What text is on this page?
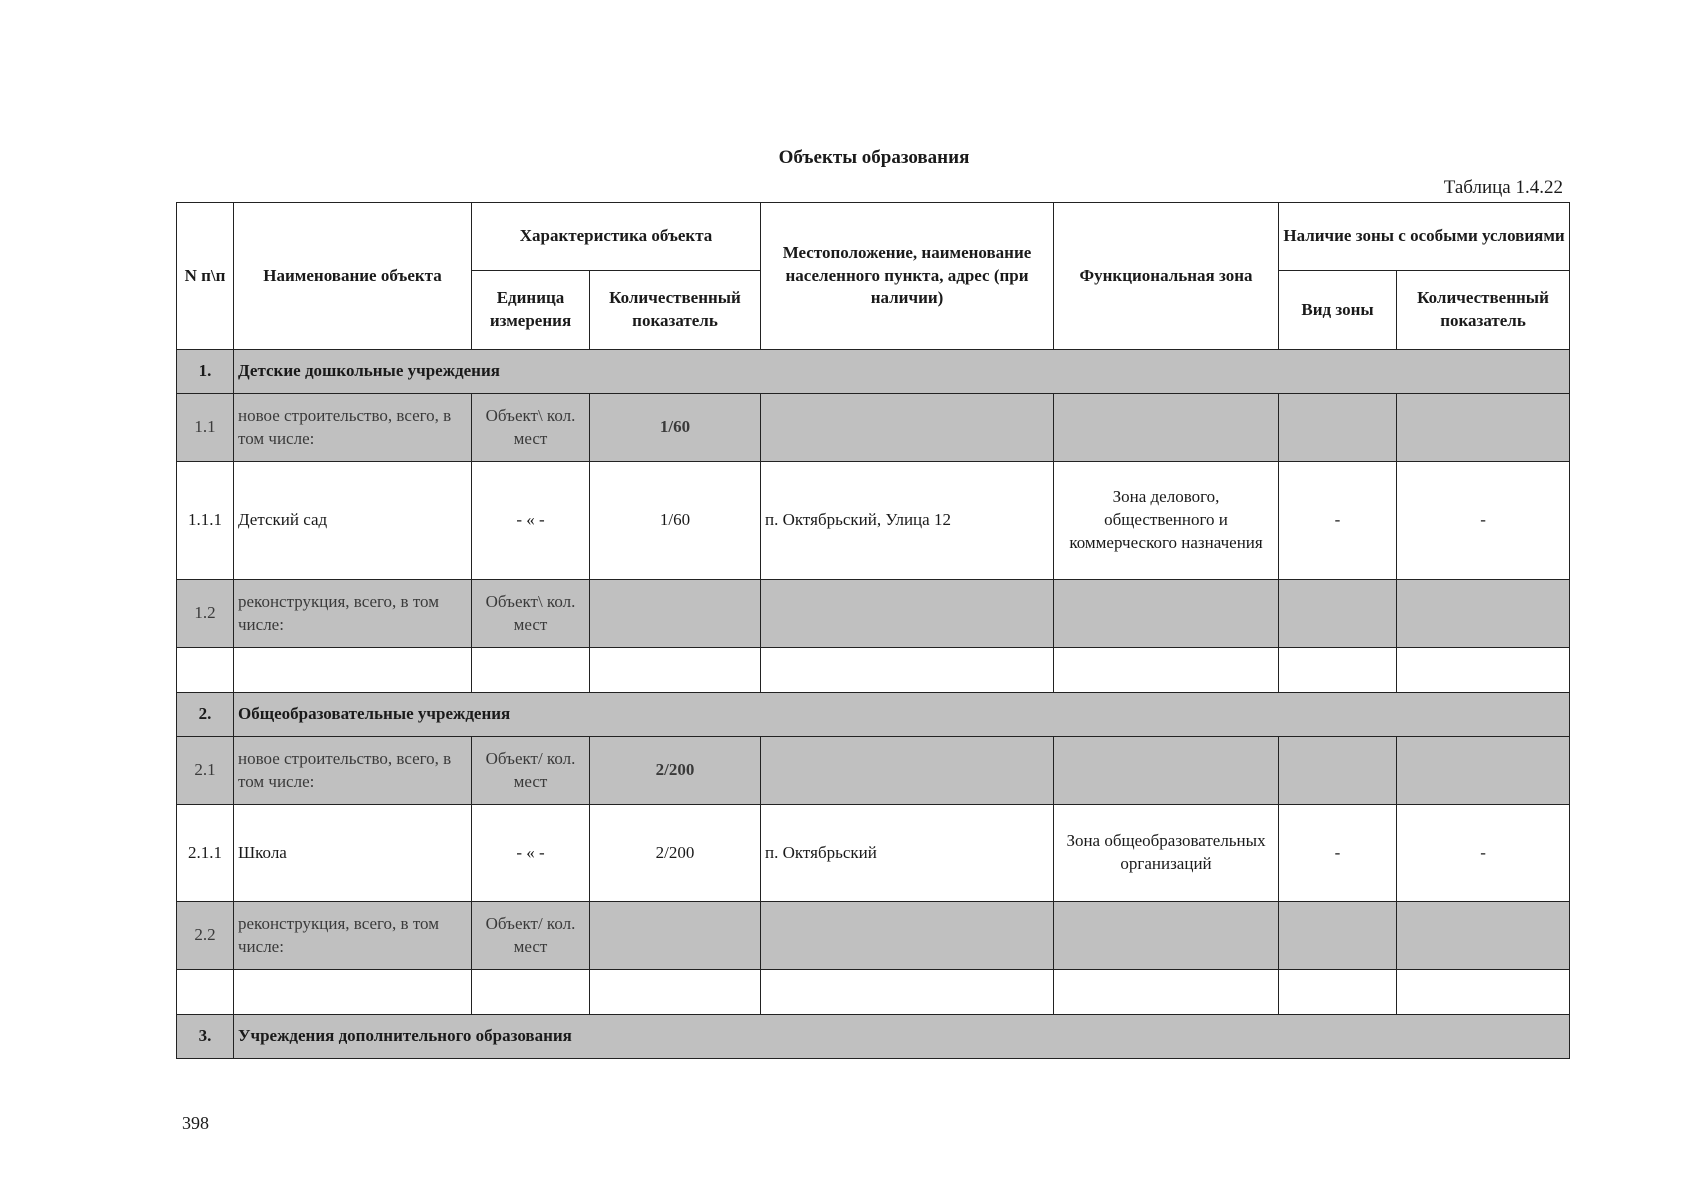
Объекты образования
Таблица 1.4.22
N п\п	Наименование объекта	Характеристика объекта		Местоположение, наименование населенного пункта, адрес (при наличии)	Функциональная зона	Наличие зоны с особыми условиями	
		Единица измерения	Количественный показатель			Вид зоны	Количественный показатель
1.	Детские дошкольные учреждения						
1.1	новое строительство, всего, в том числе:	Объект\ кол. мест	1/60				
1.1.1	Детский сад	- « -	1/60	п. Октябрьский, Улица 12	Зона делового, общественного и коммерческого назначения	-	-
1.2	реконструкция, всего, в том числе:	Объект\ кол. мест					

2.	Общеобразовательные учреждения						
2.1	новое строительство, всего, в том числе:	Объект/ кол. мест	2/200				
2.1.1	Школа	- « -	2/200	п. Октябрьский	Зона общеобразовательных организаций	-	-
2.2	реконструкция, всего, в том числе:	Объект/ кол. мест					

3.	Учреждения дополнительного образования						
398
